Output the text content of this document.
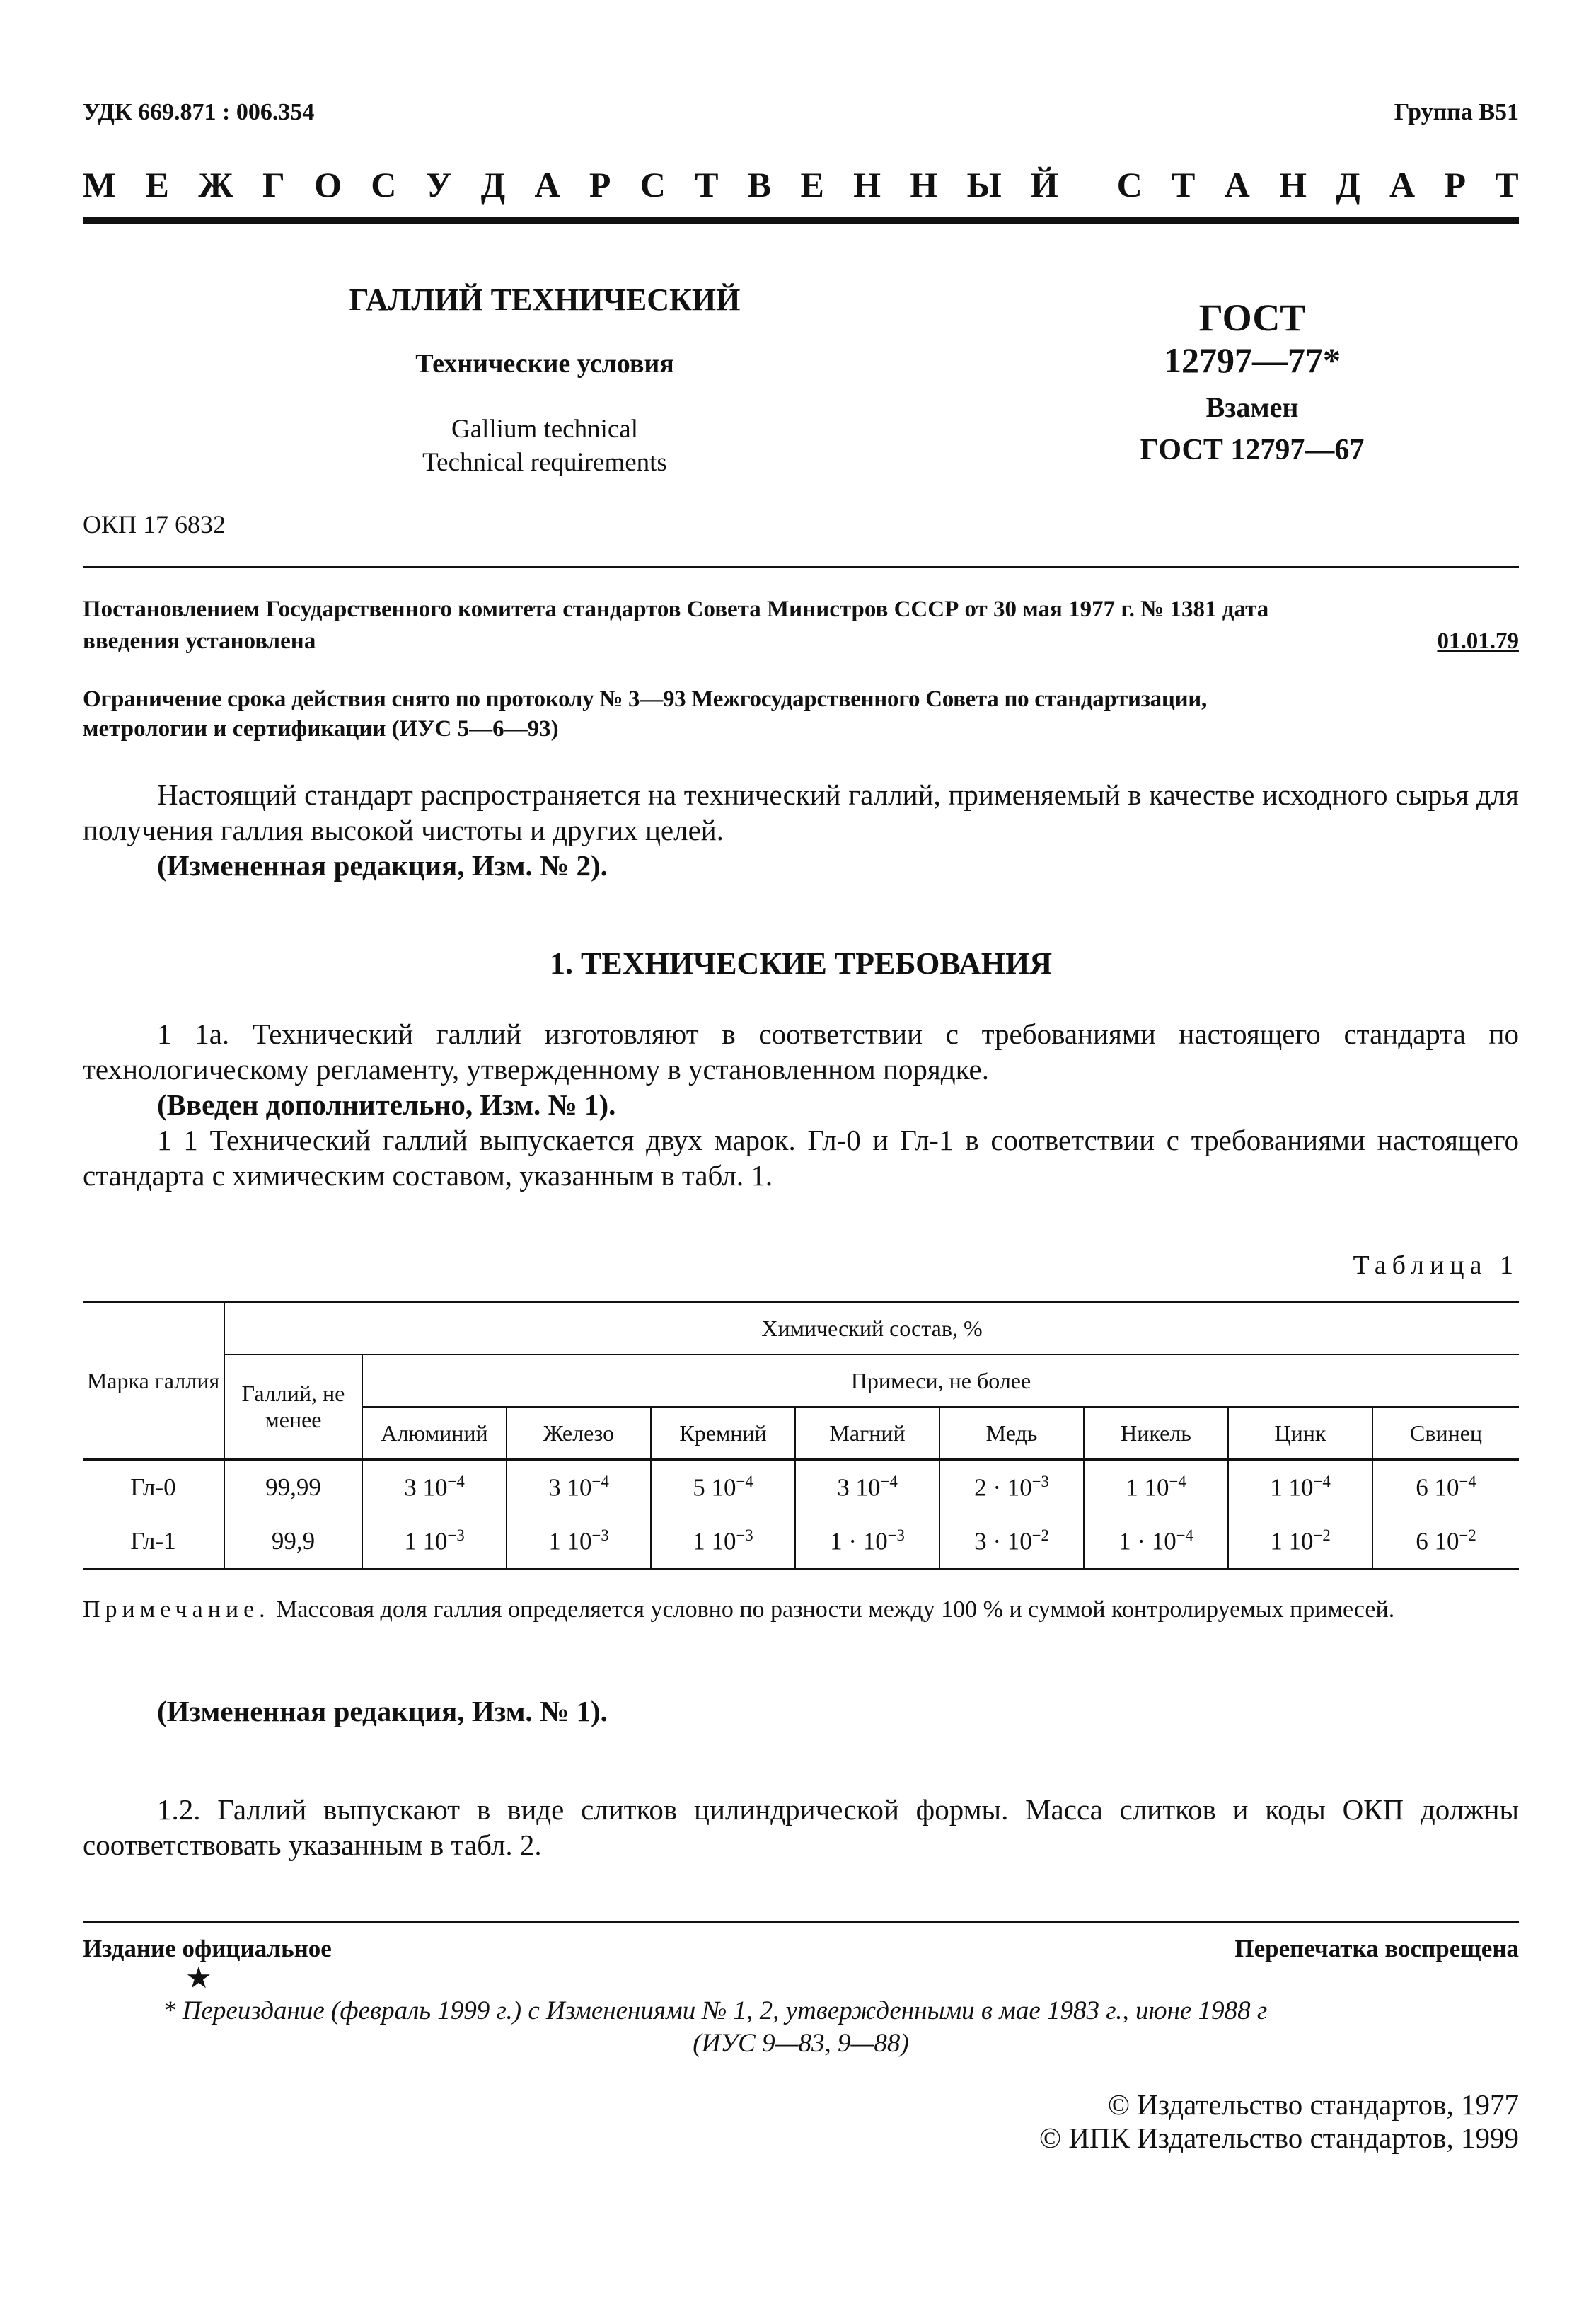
УДК 669.871 : 006.354	Группа В51
М Е Ж Г О С У Д А Р С Т В Е Н Н Ы Й С Т А Н Д А Р Т
ГАЛЛИЙ ТЕХНИЧЕСКИЙ
Технические условия
Gallium technical
Technical requirements
ГОСТ
12797—77*
Взамен
ГОСТ 12797—67
ОКП 17 6832
Постановлением Государственного комитета стандартов Совета Министров СССР от 30 мая 1977 г. № 1381 дата
введения установлена	01.01.79
Ограничение срока действия снято по протоколу № 3—93 Межгосударственного Совета по стандартизации,
метрологии и сертификации (ИУС 5—6—93)
Настоящий стандарт распространяется на технический галлий, применяемый в качестве исходного сырья для получения галлия высокой чистоты и других целей.
(Измененная редакция, Изм. № 2).
1. ТЕХНИЧЕСКИЕ ТРЕБОВАНИЯ
1 1а. Технический галлий изготовляют в соответствии с требованиями настоящего стандарта по технологическому регламенту, утвержденному в установленном порядке.
(Введен дополнительно, Изм. № 1).
1 1 Технический галлий выпускается двух марок. Гл-0 и Гл-1 в соответствии с требованиями настоящего стандарта с химическим составом, указанным в табл. 1.
Таблица 1
Марка галлия	Химический состав, %								
	Галлий, не менее	Примеси, не более							
		Алюминий	Железо	Кремний	Магний	Медь	Никель	Цинк	Свинец
Гл-0	99,99	3 $10^{-4}$	3 $10^{-4}$	5 $10^{-4}$	3 $10^{-4}$	$2 \cdot 10^{-3}$	1 $10^{-4}$	1 $10^{-4}$	6 $10^{-4}$
Гл-1	99,9	1 $10^{-3}$	1 $10^{-3}$	1 $10^{-3}$	$1 \cdot 10^{-3}$	$3 \cdot 10^{-2}$	$1 \cdot 10^{-4}$	1 $10^{-2}$	6 $10^{-2}$
Примечание. Массовая доля галлия определяется условно по разности между 100 % и суммой контролируемых примесей.
(Измененная редакция, Изм. № 1).
1.2. Галлий выпускают в виде слитков цилиндрической формы. Масса слитков и коды ОКП должны соответствовать указанным в табл. 2.
Издание официальное	Перепечатка воспрещена
★
* Переиздание (февраль 1999 г.) с Изменениями № 1, 2, утвержденными в мае 1983 г., июне 1988 г
(ИУС 9—83, 9—88)
© Издательство стандартов, 1977
© ИПК Издательство стандартов, 1999
